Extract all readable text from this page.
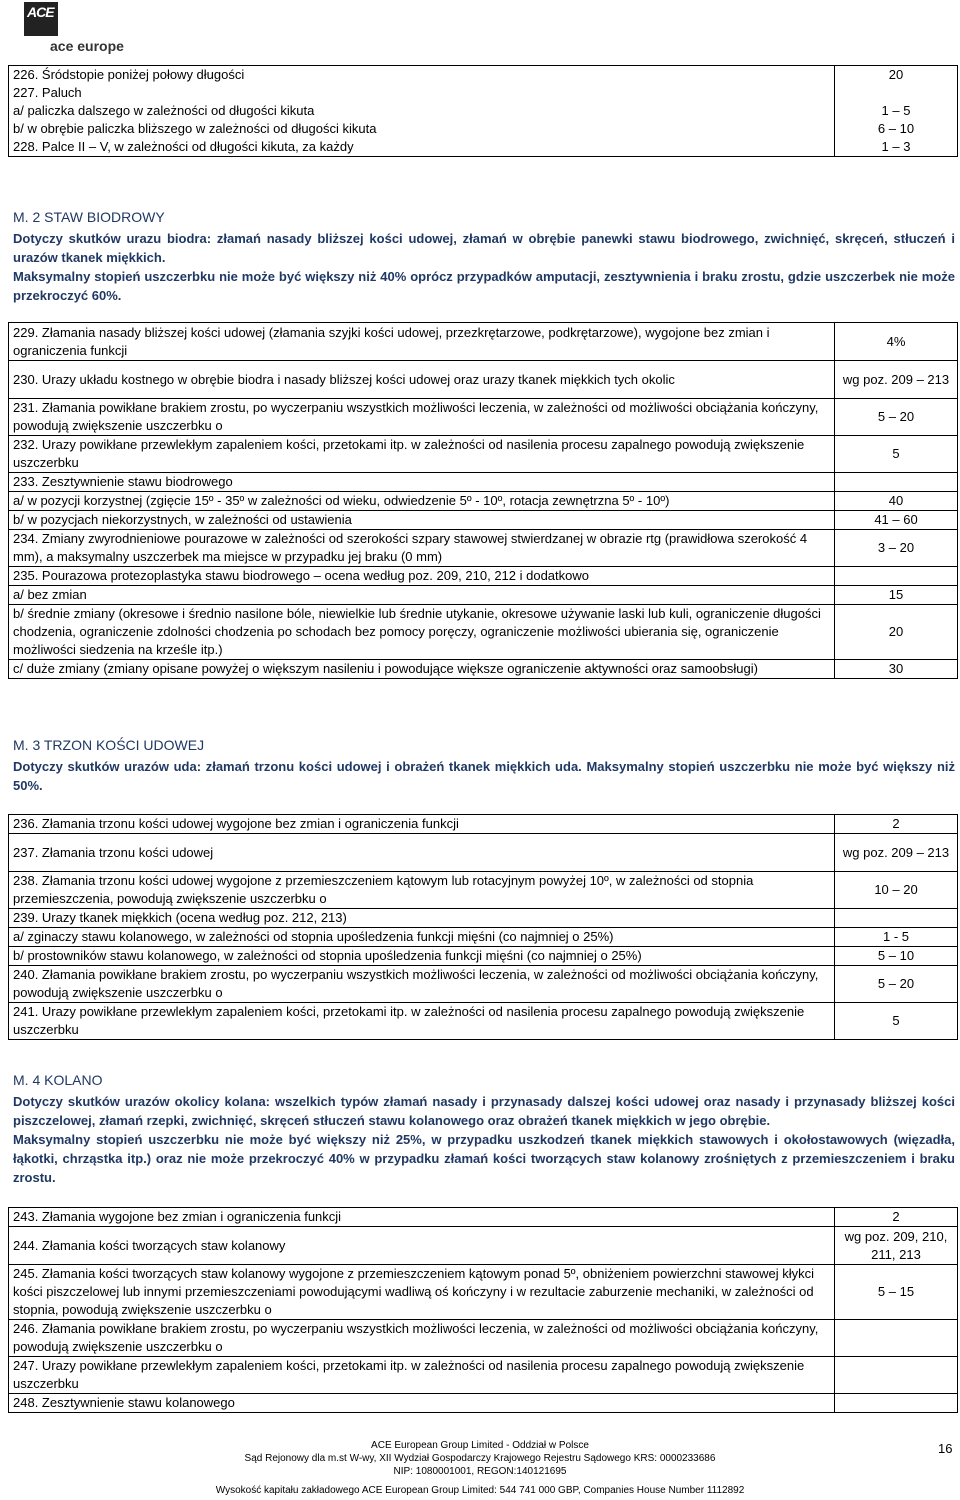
ACE
ace europe
226. Śródstopie poniżej połowy długości	20
227. Paluch	
a/ paliczka dalszego w zależności od długości kikuta	1 – 5
b/ w obrębie paliczka bliższego w zależności od długości kikuta	6 – 10
228. Palce II – V, w zależności od długości kikuta, za każdy	1 – 3
M. 2 STAW BIODROWY
Dotyczy skutków urazu biodra: złamań nasady bliższej kości udowej, złamań w obrębie panewki stawu biodrowego, zwichnięć, skręceń, stłuczeń i urazów tkanek miękkich.
Maksymalny stopień uszczerbku nie może być większy niż 40% oprócz przypadków amputacji, zesztywnienia i braku zrostu, gdzie uszczerbek nie może przekroczyć 60%.
229. Złamania nasady bliższej kości udowej (złamania szyjki kości udowej, przezkrętarzowe, podkrętarzowe), wygojone bez zmian i ograniczenia funkcji	4%
230. Urazy układu kostnego w obrębie biodra i nasady bliższej kości udowej oraz urazy tkanek miękkich tych okolic	wg poz. 209 – 213
231. Złamania powikłane brakiem zrostu, po wyczerpaniu wszystkich możliwości leczenia, w zależności od możliwości obciążania kończyny, powodują zwiększenie uszczerbku o	5 – 20
232. Urazy powikłane przewlekłym zapaleniem kości, przetokami itp. w zależności od nasilenia procesu zapalnego powodują zwiększenie uszczerbku	5
233. Zesztywnienie stawu biodrowego	
a/ w pozycji korzystnej (zgięcie 15º - 35º w zależności od wieku, odwiedzenie 5º - 10º, rotacja zewnętrzna 5º - 10º)	40
b/ w pozycjach niekorzystnych, w zależności od ustawienia	41 – 60
234. Zmiany zwyrodnieniowe pourazowe w zależności od szerokości szpary stawowej stwierdzanej w obrazie rtg (prawidłowa szerokość 4 mm), a maksymalny uszczerbek ma miejsce w przypadku jej braku (0 mm)	3 – 20
235. Pourazowa protezoplastyka stawu biodrowego – ocena według poz. 209, 210, 212 i dodatkowo	
a/ bez zmian	15
b/ średnie zmiany (okresowe i średnio nasilone bóle, niewielkie lub średnie utykanie, okresowe używanie laski lub kuli, ograniczenie długości chodzenia, ograniczenie zdolności chodzenia po schodach bez pomocy poręczy, ograniczenie możliwości ubierania się, ograniczenie możliwości siedzenia na krześle itp.)	20
c/ duże zmiany (zmiany opisane powyżej o większym nasileniu i powodujące większe ograniczenie aktywności oraz samoobsługi)	30
M. 3 TRZON KOŚCI UDOWEJ
Dotyczy skutków urazów uda: złamań trzonu kości udowej i obrażeń tkanek miękkich uda. Maksymalny stopień uszczerbku nie może być większy niż 50%.
236. Złamania trzonu kości udowej wygojone bez zmian i ograniczenia funkcji	2
237. Złamania trzonu kości udowej	wg poz. 209 – 213
238. Złamania trzonu kości udowej wygojone z przemieszczeniem kątowym lub rotacyjnym powyżej 10º, w zależności od stopnia przemieszczenia, powodują zwiększenie uszczerbku o	10 – 20
239. Urazy tkanek miękkich (ocena według poz. 212, 213)	
a/ zginaczy stawu kolanowego, w zależności od stopnia upośledzenia funkcji mięśni (co najmniej o 25%)	1 - 5
b/ prostowników stawu kolanowego, w zależności od stopnia upośledzenia funkcji mięśni (co najmniej o 25%)	5 – 10
240. Złamania powikłane brakiem zrostu, po wyczerpaniu wszystkich możliwości leczenia, w zależności od możliwości obciążania kończyny, powodują zwiększenie uszczerbku o	5 – 20
241. Urazy powikłane przewlekłym zapaleniem kości, przetokami itp. w zależności od nasilenia procesu zapalnego powodują zwiększenie uszczerbku	5
M. 4 KOLANO
Dotyczy skutków urazów okolicy kolana: wszelkich typów złamań nasady i przynasady dalszej kości udowej oraz nasady i przynasady bliższej kości piszczelowej, złamań rzepki, zwichnięć, skręceń stłuczeń stawu kolanowego oraz obrażeń tkanek miękkich w jego obrębie.
Maksymalny stopień uszczerbku nie może być większy niż 25%, w przypadku uszkodzeń tkanek miękkich stawowych i okołostawowych (więzadła, łąkotki, chrząstka itp.) oraz nie może przekroczyć 40% w przypadku złamań kości tworzących staw kolanowy zrośniętych z przemieszczeniem i braku zrostu.
243. Złamania wygojone bez zmian i ograniczenia funkcji	2
244. Złamania kości tworzących staw kolanowy	wg poz. 209, 210, 211, 213
245. Złamania kości tworzących staw kolanowy wygojone z przemieszczeniem kątowym ponad 5º, obniżeniem powierzchni stawowej kłykci kości piszczelowej lub innymi przemieszczeniami powodującymi wadliwą oś kończyny i w rezultacie zaburzenie mechaniki, w zależności od stopnia, powodują zwiększenie uszczerbku o	5 – 15
246. Złamania powikłane brakiem zrostu, po wyczerpaniu wszystkich możliwości leczenia, w zależności od możliwości obciążania kończyny, powodują zwiększenie uszczerbku o	
247. Urazy powikłane przewlekłym zapaleniem kości, przetokami itp. w zależności od nasilenia procesu zapalnego powodują zwiększenie uszczerbku	
248. Zesztywnienie stawu kolanowego	
ACE European Group Limited - Oddział w Polsce
Sąd Rejonowy dla m.st W-wy, XII Wydział Gospodarczy Krajowego Rejestru Sądowego KRS: 0000233686
NIP: 1080001001, REGON:140121695
Wysokość kapitału zakładowego ACE European Group Limited: 544 741 000 GBP, Companies House Number 1112892
16
